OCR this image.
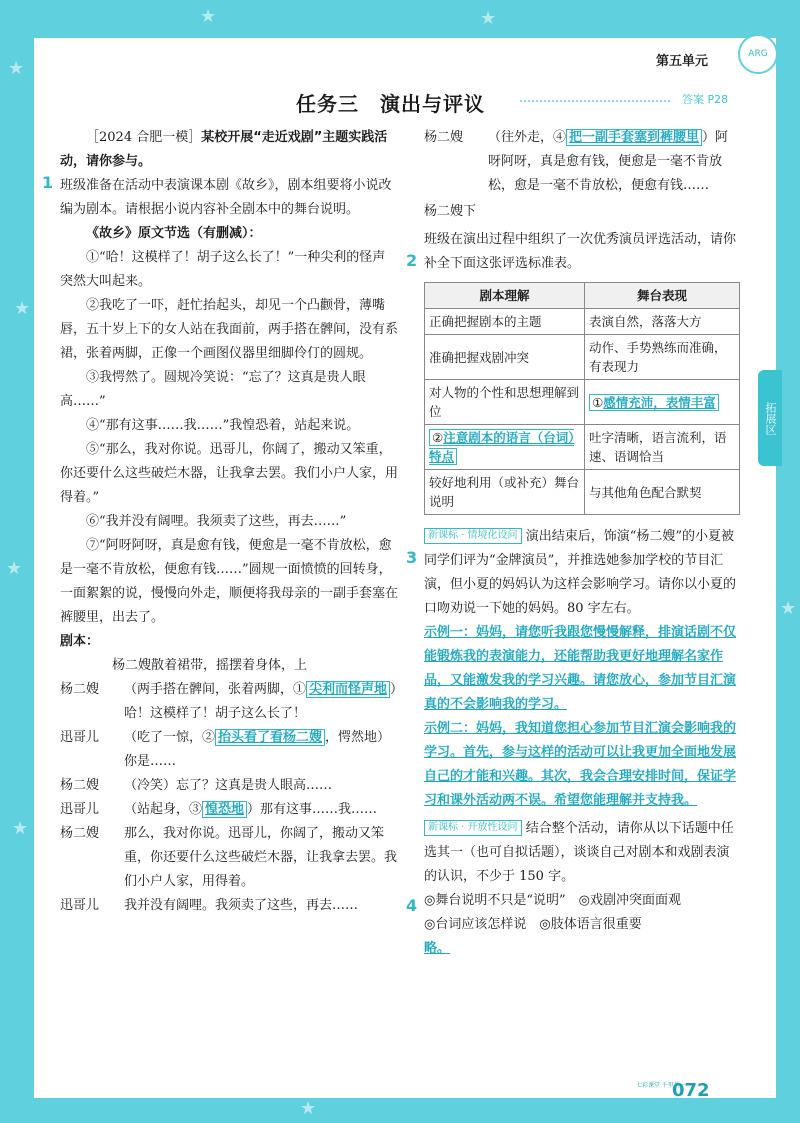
★
★
★
★
★	★
★
★
第五单元	ARG
任务三　演出与评议	答案 P28

［2024 合肥一模］某校开展“走近戏剧”主题实践活动，请你参与。

班级准备在活动中表演课本剧《故乡》，剧本组要将小说改编为剧本。请根据小说内容补全剧本中的舞台说明。

《故乡》原文节选（有删减）：

①“哈！这模样了！胡子这么长了！”一种尖利的怪声突然大叫起来。

②我吃了一吓，赶忙抬起头，却见一个凸颧骨，薄嘴唇，五十岁上下的女人站在我面前，两手搭在髀间，没有系裙，张着两脚，正像一个画图仪器里细脚伶仃的圆规。

③我愕然了。圆规冷笑说：“忘了？这真是贵人眼高……”

④“那有这事……我……”我惶恐着，站起来说。

⑤“那么，我对你说。迅哥儿，你阔了，搬动又笨重，你还要什么这些破烂木器，让我拿去罢。我们小户人家，用得着。”

⑥“我并没有阔哩。我须卖了这些，再去……”

⑦“阿呀阿呀，真是愈有钱，便愈是一毫不肯放松，愈是一毫不肯放松，便愈有钱……”圆规一面愤愤的回转身，一面絮絮的说，慢慢向外走，顺便将我母亲的一副手套塞在裤腰里，出去了。

剧本：

杨二嫂散着裙带，摇摆着身体，上

杨二嫂	（两手搭在髀间，张着两脚，① 尖利而怪声地 ）哈！这模样了！胡子这么长了！
迅哥儿	（吃了一惊，② 抬头看了看杨二嫂 ，愕然地）你是……
杨二嫂	（冷笑）忘了？这真是贵人眼高……
迅哥儿	（站起身，③ 惶恐地 ）那有这事……我……
杨二嫂	那么，我对你说。迅哥儿，你阔了，搬动又笨重，你还要什么这些破烂木器，让我拿去罢。我们小户人家，用得着。
迅哥儿	我并没有阔哩。我须卖了这些，再去……
1
杨二嫂	（往外走，④ 把一副手套塞到裤腰里 ）阿呀阿呀，真是愈有钱，便愈是一毫不肯放松，愈是一毫不肯放松，便愈有钱……

杨二嫂下

班级在演出过程中组织了一次优秀演员评选活动，请你补全下面这张评选标准表。

剧本理解	舞台表现
正确把握剧本的主题	表演自然，落落大方
准确把握戏剧冲突	动作、手势熟练而准确，有表现力
对人物的个性和思想理解到位	①感情充沛，表情丰富
②注意剧本的语言（台词）特点	吐字清晰，语言流利，语速、语调恰当
较好地利用（或补充）舞台说明	与其他角色配合默契

新课标 · 情境化设问 演出结束后，饰演“杨二嫂”的小夏被同学们评为“金牌演员”，并推选她参加学校的节目汇演，但小夏的妈妈认为这样会影响学习。请你以小夏的口吻劝说一下她的妈妈。80 字左右。

示例一：妈妈，请您听我跟您慢慢解释，排演话剧不仅能锻炼我的表演能力，还能帮助我更好地理解名家作品，又能激发我的学习兴趣。请您放心，参加节目汇演真的不会影响我的学习。

示例二：妈妈，我知道您担心参加节目汇演会影响我的学习。首先，参与这样的活动可以让我更加全面地发展自己的才能和兴趣。其次，我会合理安排时间，保证学习和课外活动两不误。希望您能理解并支持我。

新课标 · 开放性设问 结合整个活动，请你从以下话题中任选其一（也可自拟话题），谈谈自己对剧本和戏剧表演的认识，不少于 150 字。

◎舞台说明不只是“说明”　 ◎戏剧冲突面面观

◎台词应该怎样说　 ◎肢体语言很重要

略。

2
3
4
拓展区
七彩课堂 千里挑一
072
